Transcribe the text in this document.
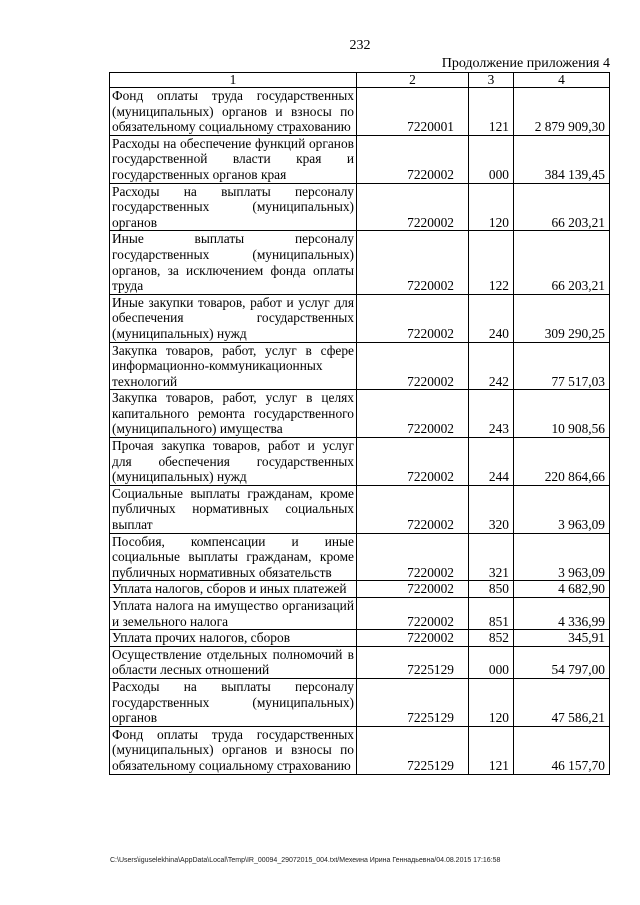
232
Продолжение приложения 4
1	2	3	4
Фонд оплаты труда государственных (муниципальных) органов и взносы по обязательному социальному страхованию	7220001	121	2 879 909,30
Расходы на обеспечение функций органов государственной власти края и государственных органов края	7220002	000	384 139,45
Расходы на выплаты персоналу государственных (муниципальных) органов	7220002	120	66 203,21
Иные выплаты персоналу государственных (муниципальных) органов, за исключением фонда оплаты труда	7220002	122	66 203,21
Иные закупки товаров, работ и услуг для обеспечения государственных (муниципальных) нужд	7220002	240	309 290,25
Закупка товаров, работ, услуг в сфере информационно-коммуникационных технологий	7220002	242	77 517,03
Закупка товаров, работ, услуг в целях капитального ремонта государственного (муниципального) имущества	7220002	243	10 908,56
Прочая закупка товаров, работ и услуг для обеспечения государственных (муниципальных) нужд	7220002	244	220 864,66
Социальные выплаты гражданам, кроме публичных нормативных социальных выплат	7220002	320	3 963,09
Пособия, компенсации и иные социальные выплаты гражданам, кроме публичных нормативных обязательств	7220002	321	3 963,09
Уплата налогов, сборов и иных платежей	7220002	850	4 682,90
Уплата налога на имущество организаций и земельного налога	7220002	851	4 336,99
Уплата прочих налогов, сборов	7220002	852	345,91
Осуществление отдельных полномочий в области лесных отношений	7225129	000	54 797,00
Расходы на выплаты персоналу государственных (муниципальных) органов	7225129	120	47 586,21
Фонд оплаты труда государственных (муниципальных) органов и взносы по обязательному социальному страхованию	7225129	121	46 157,70
C:\Users\iguselekhina\AppData\Local\Temp\IR_00094_29072015_004.txt/Мехеина Ирина Геннадьевна/04.08.2015 17:16:58
